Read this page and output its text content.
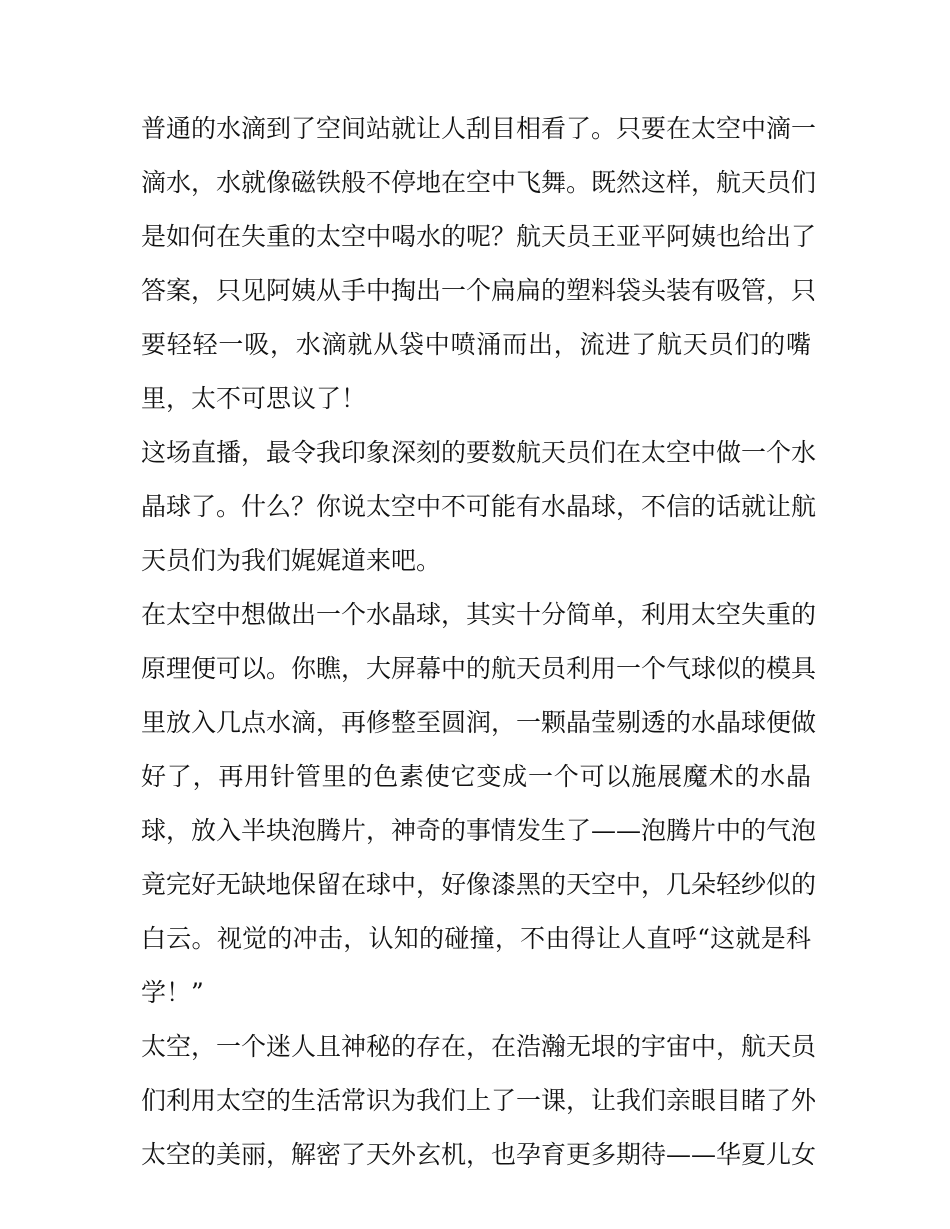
普通的水滴到了空间站就让人刮目相看了。只要在太空中滴一
滴水，水就像磁铁般不停地在空中飞舞。既然这样，航天员们
是如何在失重的太空中喝水的呢？航天员王亚平阿姨也给出了
答案，只见阿姨从手中掏出一个扁扁的塑料袋头装有吸管，只
要轻轻一吸，水滴就从袋中喷涌而出，流进了航天员们的嘴
里，太不可思议了！
这场直播，最令我印象深刻的要数航天员们在太空中做一个水
晶球了。什么？你说太空中不可能有水晶球，不信的话就让航
天员们为我们娓娓道来吧。
在太空中想做出一个水晶球，其实十分简单，利用太空失重的
原理便可以。你瞧，大屏幕中的航天员利用一个气球似的模具
里放入几点水滴，再修整至圆润，一颗晶莹剔透的水晶球便做
好了，再用针管里的色素使它变成一个可以施展魔术的水晶
球，放入半块泡腾片，神奇的事情发生了——泡腾片中的气泡
竟完好无缺地保留在球中，好像漆黑的天空中，几朵轻纱似的
白云。视觉的冲击，认知的碰撞，不由得让人直呼“这就是科
学！”
太空，一个迷人且神秘的存在，在浩瀚无垠的宇宙中，航天员
们利用太空的生活常识为我们上了一课，让我们亲眼目睹了外
太空的美丽，解密了天外玄机，也孕育更多期待——华夏儿女
